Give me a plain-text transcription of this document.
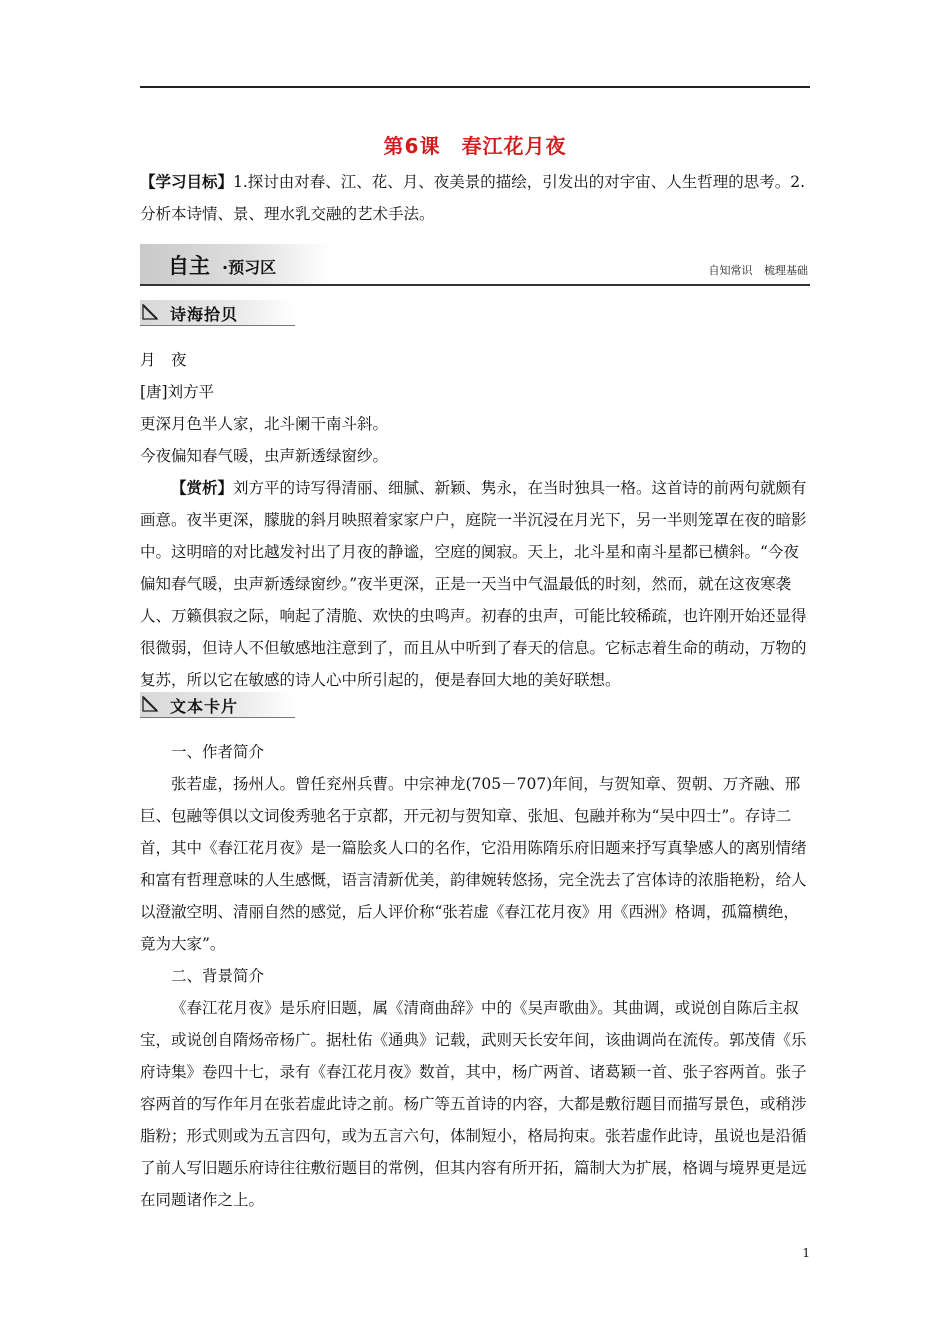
第6课　春江花月夜

【学习目标】1.探讨由对春、江、花、月、夜美景的描绘，引发出的对宇宙、人生哲理的思考。2.分析本诗情、景、理水乳交融的艺术手法。

自主 ·预习区	自知常识 梳理基础
诗海拾贝

月　夜

[唐]刘方平

更深月色半人家，北斗阑干南斗斜。

今夜偏知春气暖，虫声新透绿窗纱。

【赏析】刘方平的诗写得清丽、细腻、新颖、隽永，在当时独具一格。这首诗的前两句就颇有画意。夜半更深，朦胧的斜月映照着家家户户，庭院一半沉浸在月光下，另一半则笼罩在夜的暗影中。这明暗的对比越发衬出了月夜的静谧，空庭的阒寂。天上，北斗星和南斗星都已横斜。“今夜偏知春气暖，虫声新透绿窗纱。”夜半更深，正是一天当中气温最低的时刻，然而，就在这夜寒袭人、万籁俱寂之际，响起了清脆、欢快的虫鸣声。初春的虫声，可能比较稀疏，也许刚开始还显得很微弱，但诗人不但敏感地注意到了，而且从中听到了春天的信息。它标志着生命的萌动，万物的复苏，所以它在敏感的诗人心中所引起的，便是春回大地的美好联想。

文本卡片

一、作者简介

张若虚，扬州人。曾任兖州兵曹。中宗神龙(705－707)年间，与贺知章、贺朝、万齐融、邢巨、包融等俱以文词俊秀驰名于京都，开元初与贺知章、张旭、包融并称为“吴中四士”。存诗二首，其中《春江花月夜》是一篇脍炙人口的名作，它沿用陈隋乐府旧题来抒写真挚感人的离别情绪和富有哲理意味的人生感慨，语言清新优美，韵律婉转悠扬，完全洗去了宫体诗的浓脂艳粉，给人以澄澈空明、清丽自然的感觉，后人评价称“张若虚《春江花月夜》用《西洲》格调，孤篇横绝，竟为大家”。

二、背景简介

《春江花月夜》是乐府旧题，属《清商曲辞》中的《吴声歌曲》。其曲调，或说创自陈后主叔宝，或说创自隋炀帝杨广。据杜佑《通典》记载，武则天长安年间，该曲调尚在流传。郭茂倩《乐府诗集》卷四十七，录有《春江花月夜》数首，其中，杨广两首、诸葛颖一首、张子容两首。张子容两首的写作年月在张若虚此诗之前。杨广等五首诗的内容，大都是敷衍题目而描写景色，或稍涉脂粉；形式则或为五言四句，或为五言六句，体制短小，格局拘束。张若虚作此诗，虽说也是沿循了前人写旧题乐府诗往往敷衍题目的常例，但其内容有所开拓，篇制大为扩展，格调与境界更是远在同题诸作之上。

1
